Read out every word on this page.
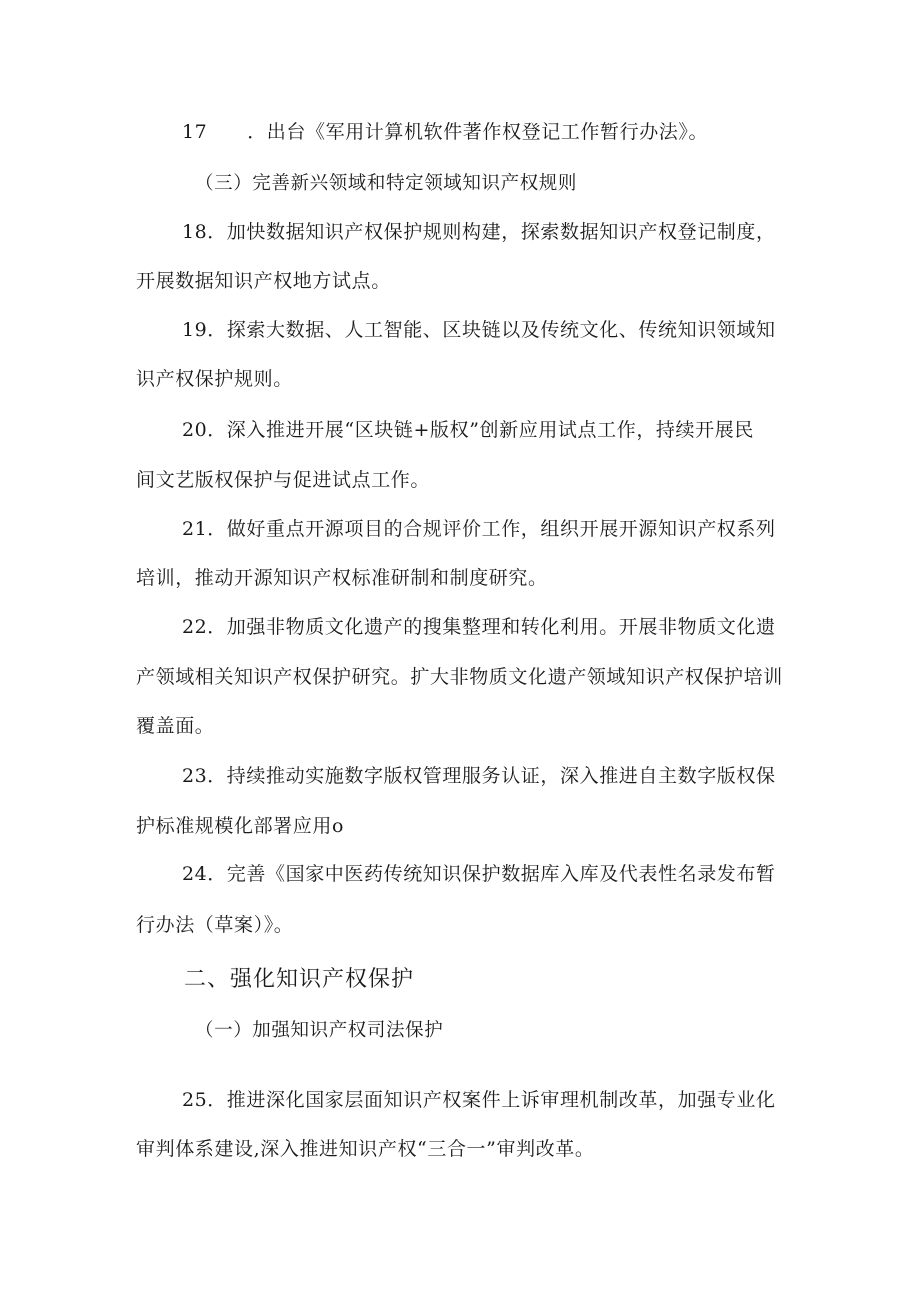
17 ．出台《军用计算机软件著作权登记工作暂行办法》。

（三）完善新兴领域和特定领域知识产权规则

18．加快数据知识产权保护规则构建，探索数据知识产权登记制度，

开展数据知识产权地方试点。

19．探索大数据、人工智能、区块链以及传统文化、传统知识领域知

识产权保护规则。

20．深入推进开展“区块链+版权”创新应用试点工作，持续开展民

间文艺版权保护与促进试点工作。

21．做好重点开源项目的合规评价工作，组织开展开源知识产权系列

培训，推动开源知识产权标准研制和制度研究。

22．加强非物质文化遗产的搜集整理和转化利用。开展非物质文化遗

产领域相关知识产权保护研究。扩大非物质文化遗产领域知识产权保护培训

覆盖面。

23．持续推动实施数字版权管理服务认证，深入推进自主数字版权保

护标准规模化部署应用o

24．完善《国家中医药传统知识保护数据库入库及代表性名录发布暂

行办法（草案）》。

二、强化知识产权保护

（一）加强知识产权司法保护

25．推进深化国家层面知识产权案件上诉审理机制改革，加强专业化

审判体系建设,深入推进知识产权“三合一”审判改革。
